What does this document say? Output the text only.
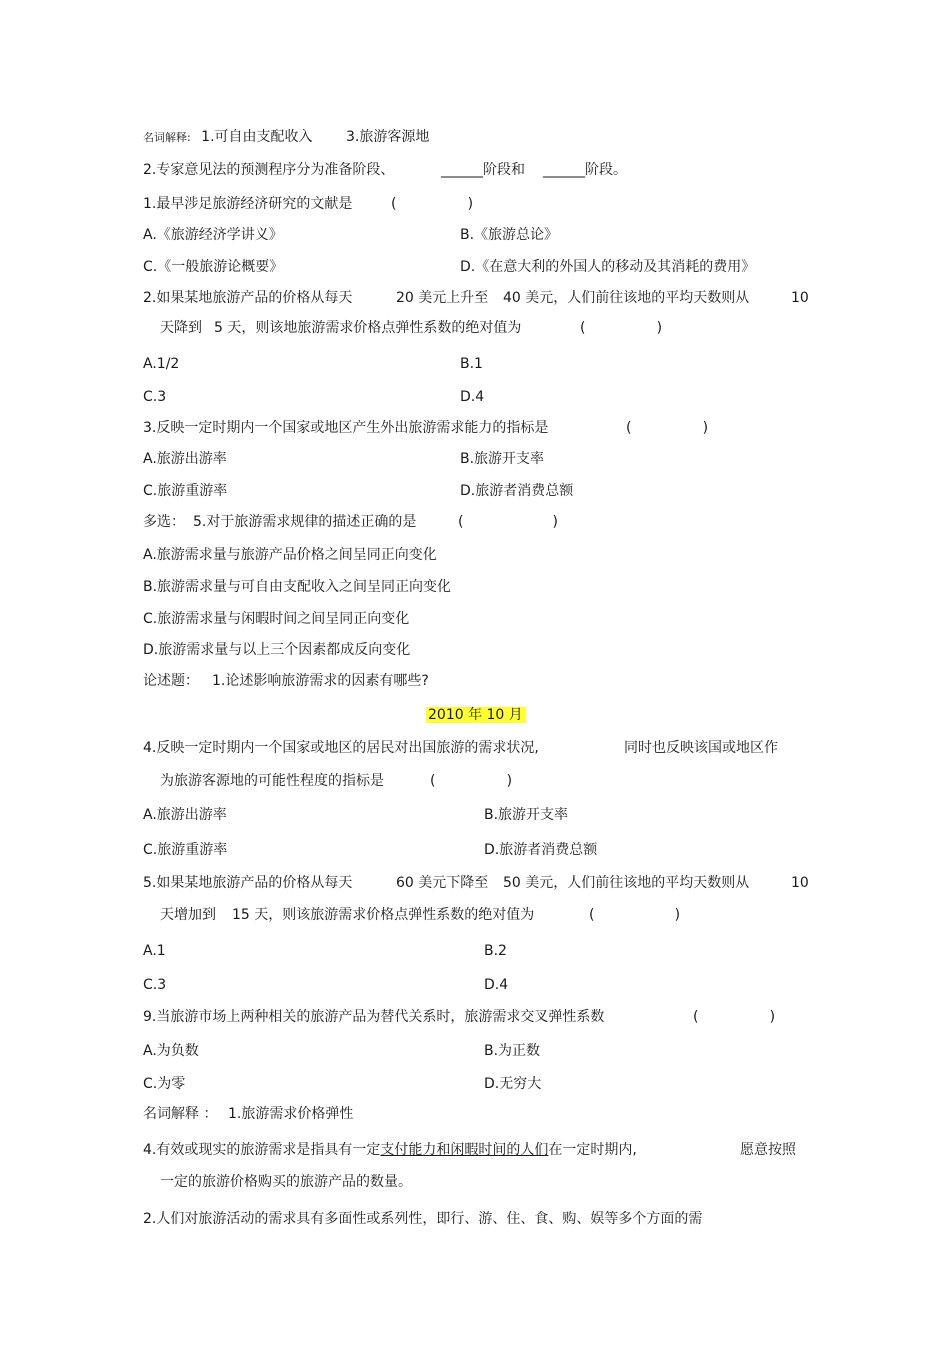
名词解释: 1.可自由支配收入 3.旅游客源地
2.专家意见法的预测程序分为准备阶段、	______阶段和 ______阶段。
1.最早涉足旅游经济研究的文献是	(                )
A.《旅游经济学讲义》	B.《旅游总论》
C.《一般旅游论概要》	D.《在意大利的外国人的移动及其消耗的费用》
2.如果某地旅游产品的价格从每天	20 美元上升至 40 美元，人们前往该地的平均天数则从	10
天降到 5 天，则该地旅游需求价格点弹性系数的绝对值为	(                )
A.1/2	B.1
C.3	D.4
3.反映一定时期内一个国家或地区产生外出旅游需求能力的指标是	(                )
A.旅游出游率	B.旅游开支率
C.旅游重游率	D.旅游者消费总额
多选： 5.对于旅游需求规律的描述正确的是	(                    )
A.旅游需求量与旅游产品价格之间呈同正向变化
B.旅游需求量与可自由支配收入之间呈同正向变化
C.旅游需求量与闲暇时间之间呈同正向变化
D.旅游需求量与以上三个因素都成反向变化
论述题： 1.论述影响旅游需求的因素有哪些?
2010 年 10 月
4.反映一定时期内一个国家或地区的居民对出国旅游的需求状况,	同时也反映该国或地区作
为旅游客源地的可能性程度的指标是	(                )
A.旅游出游率	B.旅游开支率
C.旅游重游率	D.旅游者消费总额
5.如果某地旅游产品的价格从每天	60 美元下降至 50 美元，人们前往该地的平均天数则从	10
天增加到 15 天，则该旅游需求价格点弹性系数的绝对值为	(                  )
A.1	B.2
C.3	D.4
9.当旅游市场上两种相关的旅游产品为替代关系时，旅游需求交叉弹性系数	(                )
A.为负数	B.为正数
C.为零	D.无穷大
名词解释 ： 1.旅游需求价格弹性
4.有效或现实的旅游需求是指具有一定支付能力和闲暇时间的人们在一定时期内,	愿意按照
一定的旅游价格购买的旅游产品的数量。
2.人们对旅游活动的需求具有多面性或系列性，即行、游、住、食、购、娱等多个方面的需
